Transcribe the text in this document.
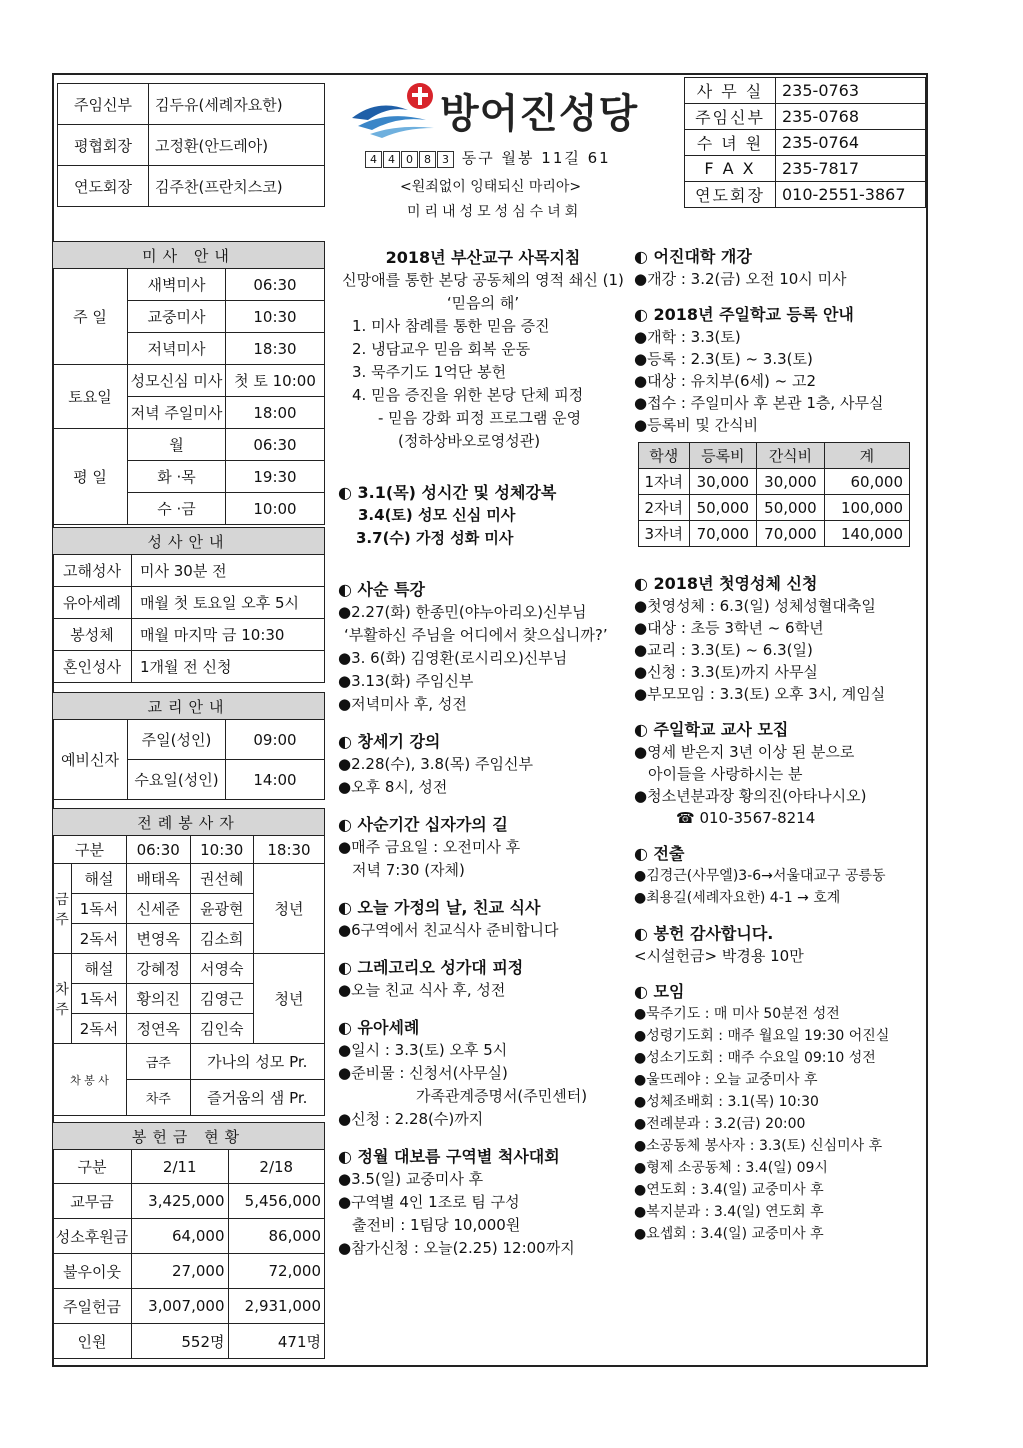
주임신부	김두유(세례자요한)
평협회장	고정환(안드레아)
연도회장	김주찬(프란치스코)
방어진성당
4 4 0 8 3 동구 월봉 11길 61
<원죄없이 잉태되신 마리아>
미리내성모성심수녀회
사 무 실	235-0763
주임신부	235-0768
수 녀 원	235-0764
F A X	235-7817
연도회장	010-2551-3867
미사 안내		
주 일	새벽미사	06:30
	교중미사	10:30
	저녁미사	18:30
토요일	성모신심 미사	첫 토 10:00
	저녁 주일미사	18:00
평 일	월	06:30
	화 ·목	19:30
	수 ·금	10:00
성사안내	
고해성사	미사 30분 전
유아세례	매월 첫 토요일 오후 5시
봉성체	매월 마지막 금 10:30
혼인성사	1개월 전 신청
교리안내		
예비신자	주일(성인)	09:00
	수요일(성인)	14:00
전례봉사자				
구분		06:30	10:30	18:30
금주	해설	배태옥	권선혜	청년
	1독서	신세준	윤광현	
	2독서	변영옥	김소희	
차주	해설	강혜정	서영숙	청년
	1독서	황의진	김영근	
	2독서	정연옥	김인숙	
차 봉 사		금주	가나의 성모 Pr.	
		차주	즐거움의 샘 Pr.	
봉헌금 현황		
구분	2/11	2/18
교무금	3,425,000	5,456,000
성소후원금	64,000	86,000
불우이웃	27,000	72,000
주일헌금	3,007,000	2,931,000
인원	552명	471명
2018년 부산교구 사목지침
신망애를 통한 본당 공동체의 영적 쇄신 (1)
‘믿음의 해’
1. 미사 참례를 통한 믿음 증진
2. 냉담교우 믿음 회복 운동
3. 묵주기도 1억단 봉헌
4. 믿음 증진을 위한 본당 단체 피정
- 믿음 강화 피정 프로그램 운영
(정하상바오로영성관)
◐ 3.1(목) 성시간 및 성체강복
3.4(토) 성모 신심 미사
3.7(수) 가정 성화 미사
◐ 사순 특강
●2.27(화) 한종민(야누아리오)신부님
‘부활하신 주님을 어디에서 찾으십니까?’
●3. 6(화) 김영환(로시리오)신부님
●3.13(화) 주임신부
●저녁미사 후, 성전
◐ 창세기 강의
●2.28(수), 3.8(목) 주임신부
●오후 8시, 성전
◐ 사순기간 십자가의 길
●매주 금요일 : 오전미사 후
저녁 7:30 (자체)
◐ 오늘 가정의 날, 친교 식사
●6구역에서 친교식사 준비합니다
◐ 그레고리오 성가대 피정
●오늘 친교 식사 후, 성전
◐ 유아세례
●일시 : 3.3(토) 오후 5시
●준비물 : 신청서(사무실)
가족관계증명서(주민센터)
●신청 : 2.28(수)까지
◐ 정월 대보름 구역별 척사대회
●3.5(일) 교중미사 후
●구역별 4인 1조로 팀 구성
출전비 : 1팀당 10,000원
●참가신청 : 오늘(2.25) 12:00까지
◐ 어진대학 개강
●개강 : 3.2(금) 오전 10시 미사
◐ 2018년 주일학교 등록 안내
●개학 : 3.3(토)
●등록 : 2.3(토) ~ 3.3(토)
●대상 : 유치부(6세) ~ 고2
●접수 : 주일미사 후 본관 1층, 사무실
●등록비 및 간식비
학생	등록비	간식비	계
1자녀	30,000	30,000	60,000
2자녀	50,000	50,000	100,000
3자녀	70,000	70,000	140,000
◐ 2018년 첫영성체 신청
●첫영성체 : 6.3(일) 성체성혈대축일
●대상 : 초등 3학년 ~ 6학년
●교리 : 3.3(토) ~ 6.3(일)
●신청 : 3.3(토)까지 사무실
●부모모임 : 3.3(토) 오후 3시, 계임실
◐ 주일학교 교사 모집
●영세 받은지 3년 이상 된 분으로
아이들을 사랑하시는 분
●청소년분과장 황의진(아타나시오)
☎ 010-3567-8214
◐ 전출
●김경근(사무엘)3-6→서울대교구 공릉동
●최용길(세례자요한) 4-1 → 호계
◐ 봉헌 감사합니다.
<시설헌금> 박경용 10만
◐ 모임
●묵주기도 : 매 미사 50분전 성전
●성령기도회 : 매주 월요일 19:30 어진실
●성소기도회 : 매주 수요일 09:10 성전
●울뜨레야 : 오늘 교중미사 후
●성체조배회 : 3.1(목) 10:30
●전례분과 : 3.2(금) 20:00
●소공동체 봉사자 : 3.3(토) 신심미사 후
●형제 소공동체 : 3.4(일) 09시
●연도회 : 3.4(일) 교중미사 후
●복지분과 : 3.4(일) 연도회 후
●요셉회 : 3.4(일) 교중미사 후
